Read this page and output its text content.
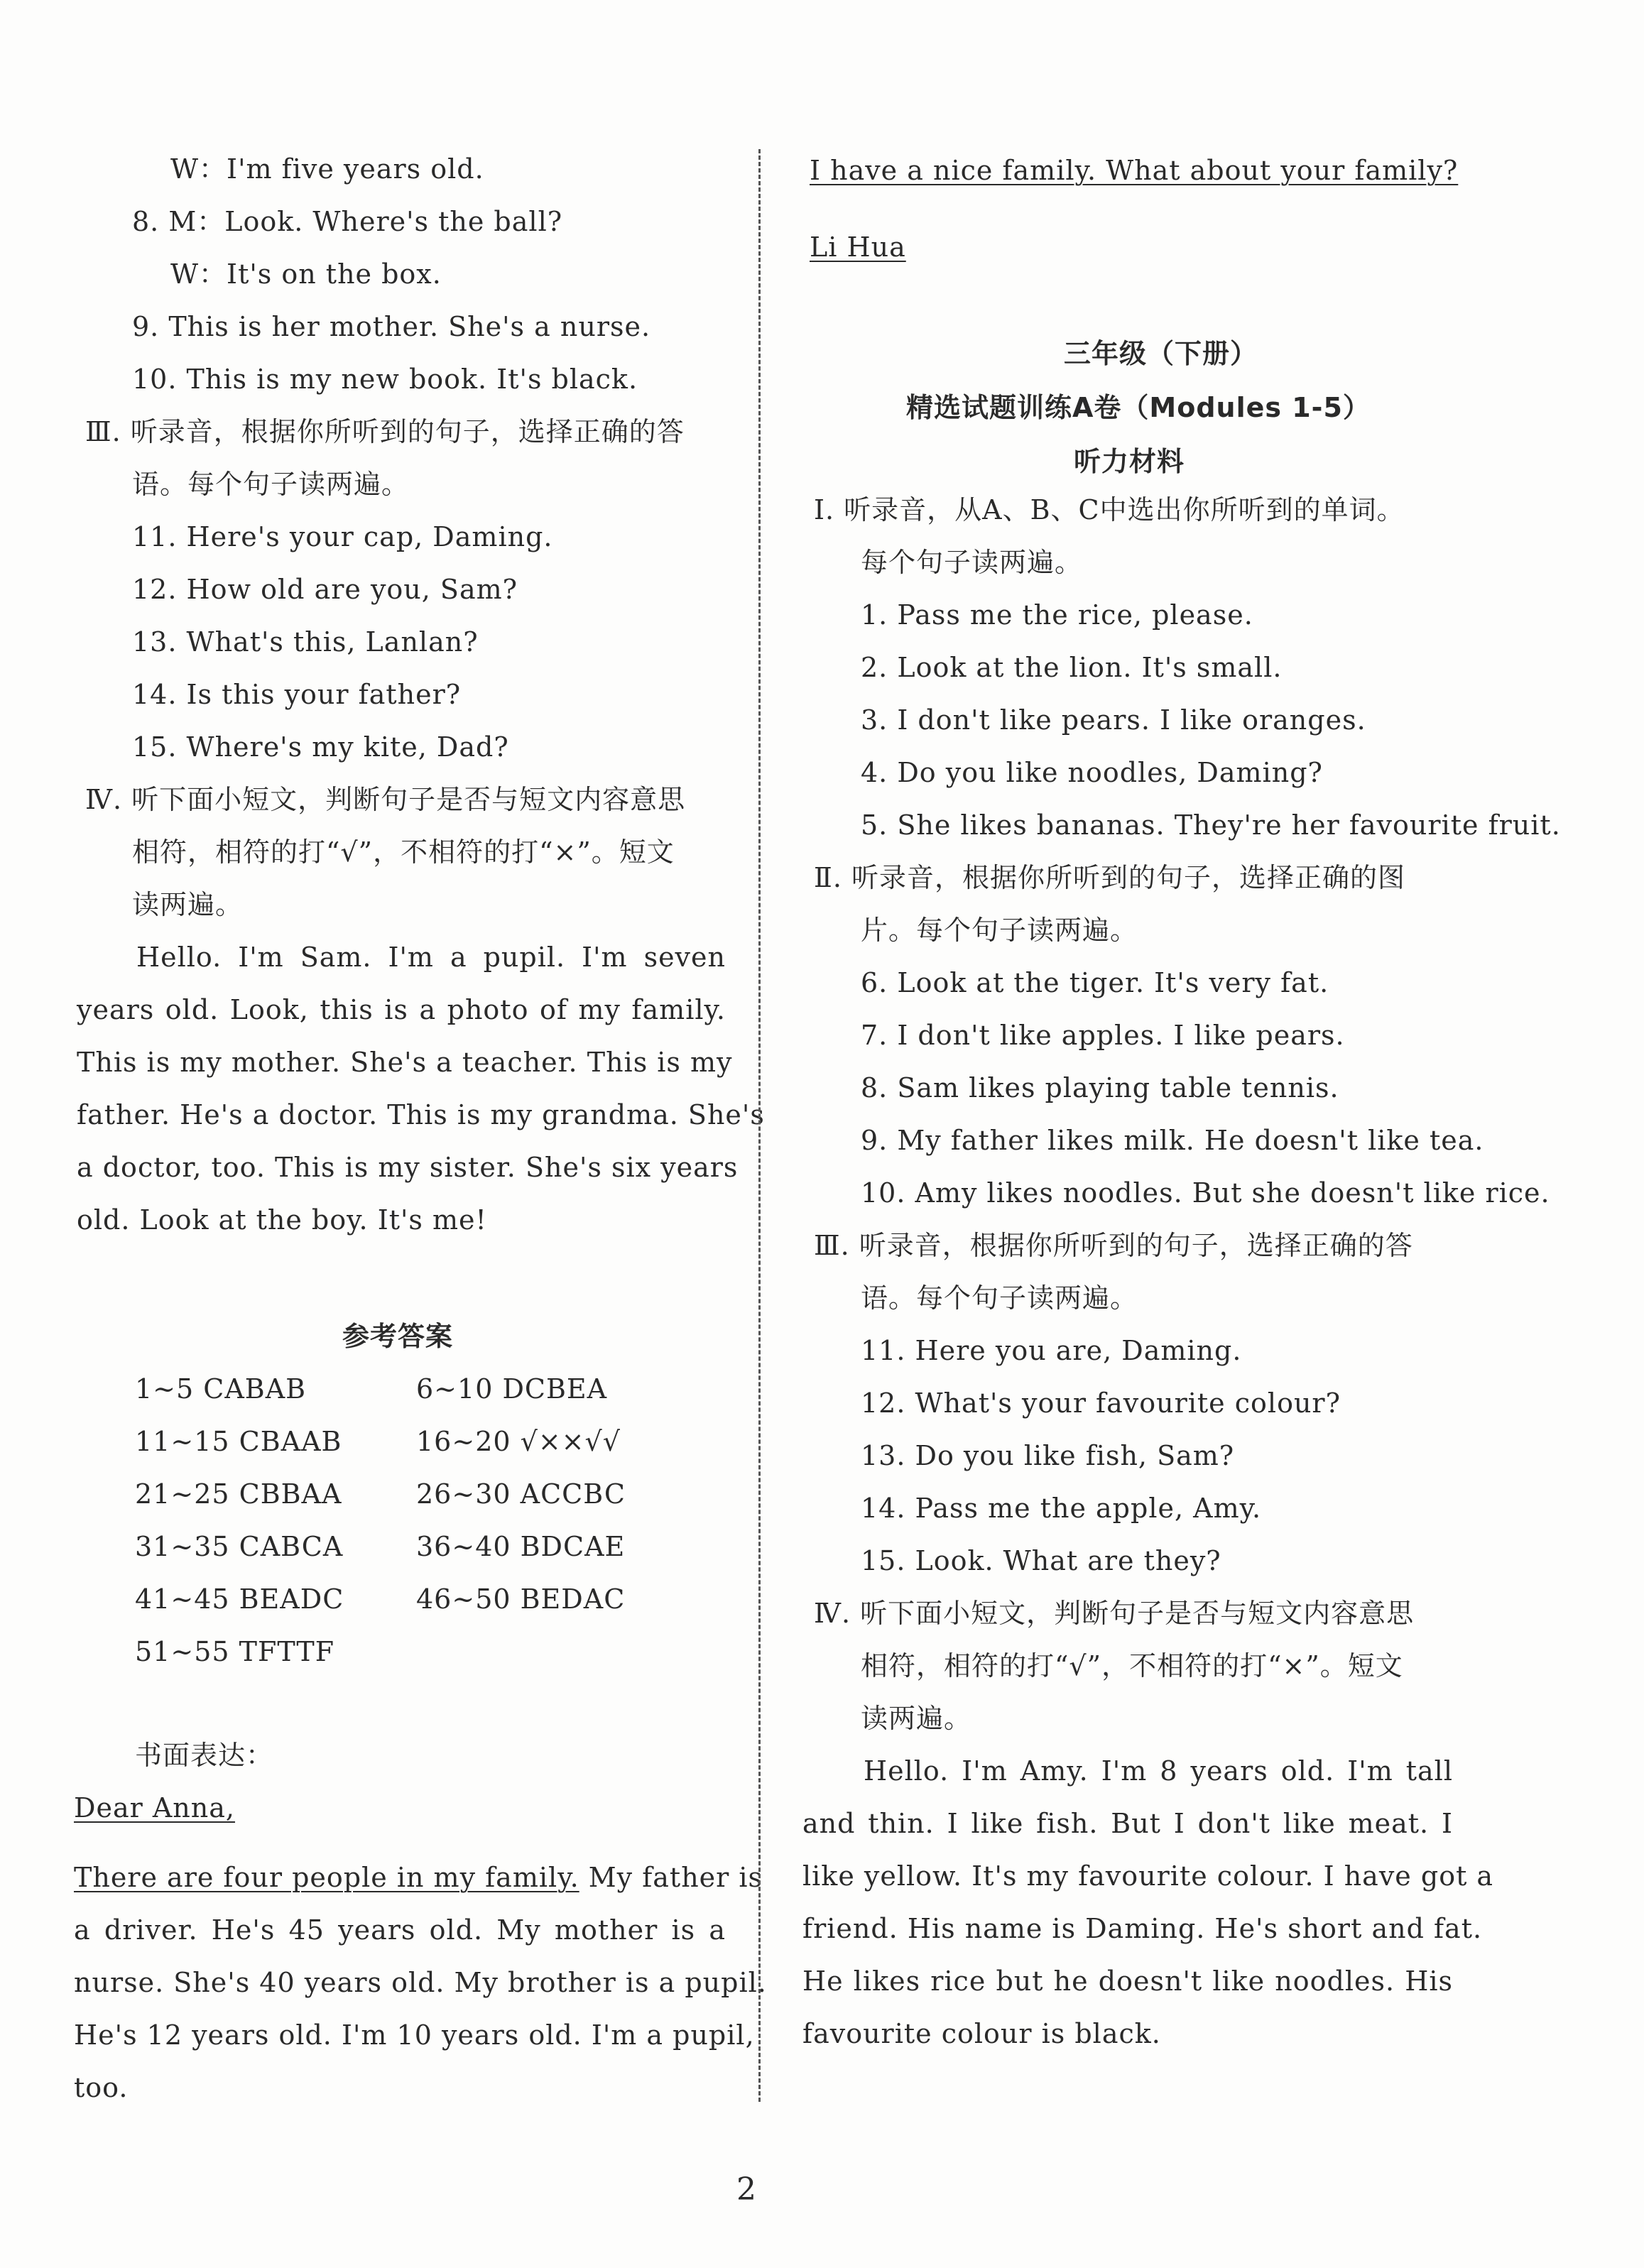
W：I'm five years old.
8. M：Look. Where's the ball?
W：It's on the box.
9. This is her mother. She's a nurse.
10. This is my new book. It's black.
Ⅲ. 听录音，根据你所听到的句子，选择正确的答
语。每个句子读两遍。
11. Here's your cap, Daming.
12. How old are you, Sam?
13. What's this, Lanlan?
14. Is this your father?
15. Where's my kite, Dad?
Ⅳ. 听下面小短文，判断句子是否与短文内容意思
相符，相符的打“√”，不相符的打“×”。短文
读两遍。
Hello. I'm Sam. I'm a pupil. I'm seven
years old. Look, this is a photo of my family.
This is my mother. She's a teacher. This is my
father. He's a doctor. This is my grandma. She's
a doctor, too. This is my sister. She's six years
old. Look at the boy. It's me!
参考答案
1~5 CABAB	6~10 DCBEA
11~15 CBAAB	16~20 √××√√
21~25 CBBAA	26~30 ACCBC
31~35 CABCA	36~40 BDCAE
41~45 BEADC	46~50 BEDAC
51~55 TFTTF
书面表达：
Dear Anna,
There are four people in my family. My father is
a driver. He's 45 years old. My mother is a
nurse. She's 40 years old. My brother is a pupil.
He's 12 years old. I'm 10 years old. I'm a pupil,
too.
I have a nice family. What about your family?
Li Hua
三年级（下册）
精选试题训练A卷（Modules 1-5）
听力材料
Ⅰ. 听录音，从A、B、C中选出你所听到的单词。
每个句子读两遍。
1. Pass me the rice, please.
2. Look at the lion. It's small.
3. I don't like pears. I like oranges.
4. Do you like noodles, Daming?
5. She likes bananas. They're her favourite fruit.
Ⅱ. 听录音，根据你所听到的句子，选择正确的图
片。每个句子读两遍。
6. Look at the tiger. It's very fat.
7. I don't like apples. I like pears.
8. Sam likes playing table tennis.
9. My father likes milk. He doesn't like tea.
10. Amy likes noodles. But she doesn't like rice.
Ⅲ. 听录音，根据你所听到的句子，选择正确的答
语。每个句子读两遍。
11. Here you are, Daming.
12. What's your favourite colour?
13. Do you like fish, Sam?
14. Pass me the apple, Amy.
15. Look. What are they?
Ⅳ. 听下面小短文，判断句子是否与短文内容意思
相符，相符的打“√”，不相符的打“×”。短文
读两遍。
Hello. I'm Amy. I'm 8 years old. I'm tall
and thin. I like fish. But I don't like meat. I
like yellow. It's my favourite colour. I have got a
friend. His name is Daming. He's short and fat.
He likes rice but he doesn't like noodles. His
favourite colour is black.
2
